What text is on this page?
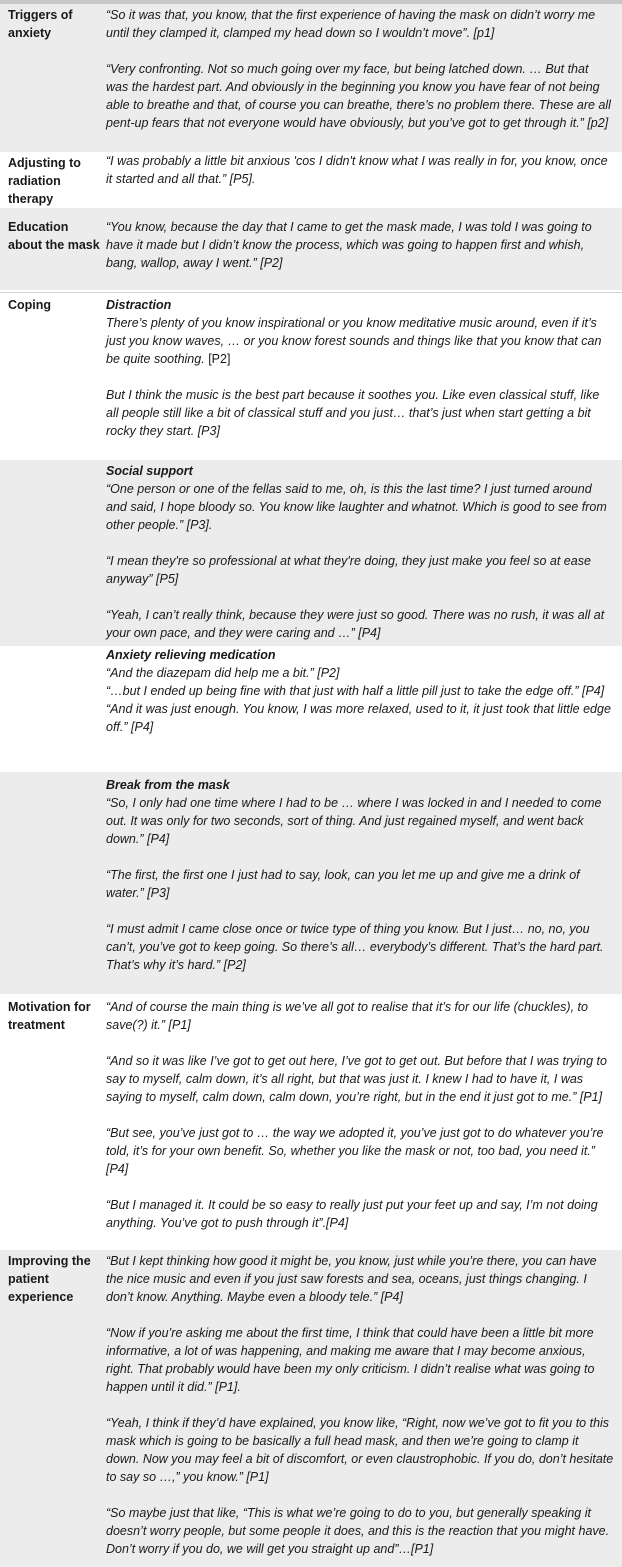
Triggers of anxiety

“So it was that, you know, that the first experience of having the mask on didn’t worry me until they clamped it, clamped my head down so I wouldn’t move”. [p1]

“Very confronting. Not so much going over my face, but being latched down. … But that was the hardest part. And obviously in the beginning you know you have fear of not being able to breathe and that, of course you can breathe, there’s no problem there. These are all pent-up fears that not everyone would have obviously, but you’ve got to get through it.” [p2]

Adjusting to radiation therapy

“I was probably a little bit anxious 'cos I didn't know what I was really in for, you know, once it started and all that.” [P5].

Education about the mask

“You know, because the day that I came to get the mask made, I was told I was going to have it made but I didn’t know the process, which was going to happen first and whish, bang, wallop, away I went.” [P2]

Coping	Distraction

There’s plenty of you know inspirational or you know meditative music around, even if it’s just you know waves, … or you know forest sounds and things like that you know that can be quite soothing. [P2]

But I think the music is the best part because it soothes you. Like even classical stuff, like all people still like a bit of classical stuff and you just… that’s just when start getting a bit rocky they start. [P3]

Social support

“One person or one of the fellas said to me, oh, is this the last time? I just turned around and said, I hope bloody so. You know like laughter and whatnot. Which is good to see from other people.” [P3].

“I mean they're so professional at what they're doing, they just make you feel so at ease anyway” [P5]

“Yeah, I can’t really think, because they were just so good. There was no rush, it was all at your own pace, and they were caring and …” [P4]

Anxiety relieving medication

“And the diazepam did help me a bit.” [P2]

“…but I ended up being fine with that just with half a little pill just to take the edge off.” [P4]

“And it was just enough. You know, I was more relaxed, used to it, it just took that little edge off.” [P4]

Break from the mask

“So, I only had one time where I had to be … where I was locked in and I needed to come out. It was only for two seconds, sort of thing. And just regained myself, and went back down.” [P4]

“The first, the first one I just had to say, look, can you let me up and give me a drink of water.” [P3]

“I must admit I came close once or twice type of thing you know. But I just… no, no, you can’t, you’ve got to keep going. So there’s all… everybody’s different. That’s the hard part. That’s why it’s hard.” [P2]

Motivation for treatment

“And of course the main thing is we’ve all got to realise that it’s for our life (chuckles), to save(?) it.” [P1]

“And so it was like I’ve got to get out here, I’ve got to get out. But before that I was trying to say to myself, calm down, it’s all right, but that was just it. I knew I had to have it, I was saying to myself, calm down, calm down, you’re right, but in the end it just got to me.” [P1]

“But see, you’ve just got to … the way we adopted it, you’ve just got to do whatever you’re told, it’s for your own benefit. So, whether you like the mask or not, too bad, you need it.” [P4]

“But I managed it. It could be so easy to really just put your feet up and say, I’m not doing anything. You’ve got to push through it”.[P4]

Improving the patient experience

“But I kept thinking how good it might be, you know, just while you’re there, you can have the nice music and even if you just saw forests and sea, oceans, just things changing. I don’t know. Anything. Maybe even a bloody tele.” [P4]

“Now if you’re asking me about the first time, I think that could have been a little bit more informative, a lot of was happening, and making me aware that I may become anxious, right. That probably would have been my only criticism. I didn’t realise what was going to happen until it did.” [P1].

“Yeah, I think if they’d have explained, you know like, “Right, now we’ve got to fit you to this mask which is going to be basically a full head mask, and then we’re going to clamp it down. Now you may feel a bit of discomfort, or even claustrophobic. If you do, don’t hesitate to say so …,” you know.” [P1]

“So maybe just that like, “This is what we’re going to do to you, but generally speaking it doesn’t worry people, but some people it does, and this is the reaction that you might have. Don’t worry if you do, we will get you straight up and”…[P1]
